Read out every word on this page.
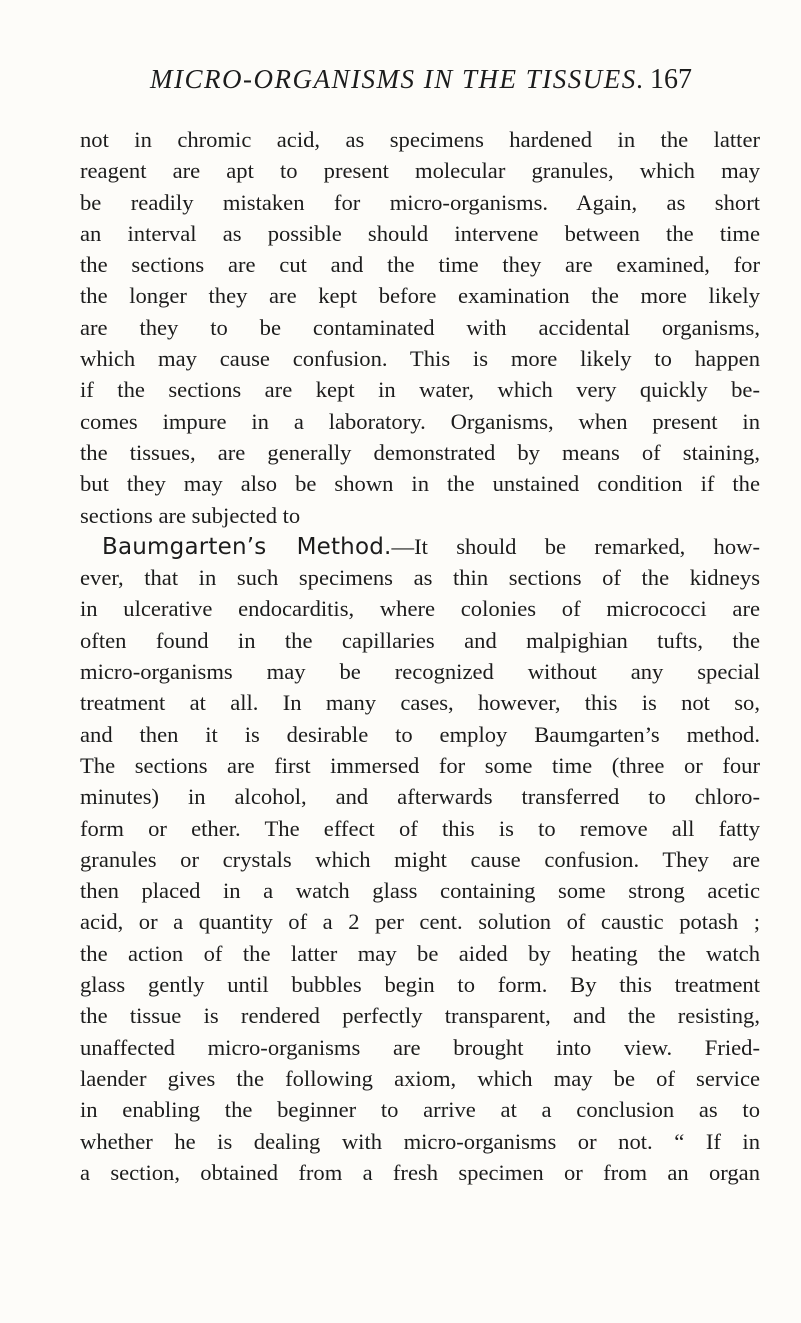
MICRO-ORGANISMS IN THE TISSUES. 167
not in chromic acid, as specimens hardened in the latter
reagent are apt to present molecular granules, which may
be readily mistaken for micro-organisms. Again, as short
an interval as possible should intervene between the time
the sections are cut and the time they are examined, for
the longer they are kept before examination the more likely
are they to be contaminated with accidental organisms,
which may cause confusion. This is more likely to happen
if the sections are kept in water, which very quickly be-
comes impure in a laboratory. Organisms, when present in
the tissues, are generally demonstrated by means of staining,
but they may also be shown in the unstained condition if the
sections are subjected to
Baumgarten’s Method.—It should be remarked, how-
ever, that in such specimens as thin sections of the kidneys
in ulcerative endocarditis, where colonies of micrococci are
often found in the capillaries and malpighian tufts, the
micro-organisms may be recognized without any special
treatment at all. In many cases, however, this is not so,
and then it is desirable to employ Baumgarten’s method.
The sections are first immersed for some time (three or four
minutes) in alcohol, and afterwards transferred to chloro-
form or ether. The effect of this is to remove all fatty
granules or crystals which might cause confusion. They are
then placed in a watch glass containing some strong acetic
acid, or a quantity of a 2 per cent. solution of caustic potash ;
the action of the latter may be aided by heating the watch
glass gently until bubbles begin to form. By this treatment
the tissue is rendered perfectly transparent, and the resisting,
unaffected micro-organisms are brought into view. Fried-
laender gives the following axiom, which may be of service
in enabling the beginner to arrive at a conclusion as to
whether he is dealing with micro-organisms or not. “ If in
a section, obtained from a fresh specimen or from an organ
